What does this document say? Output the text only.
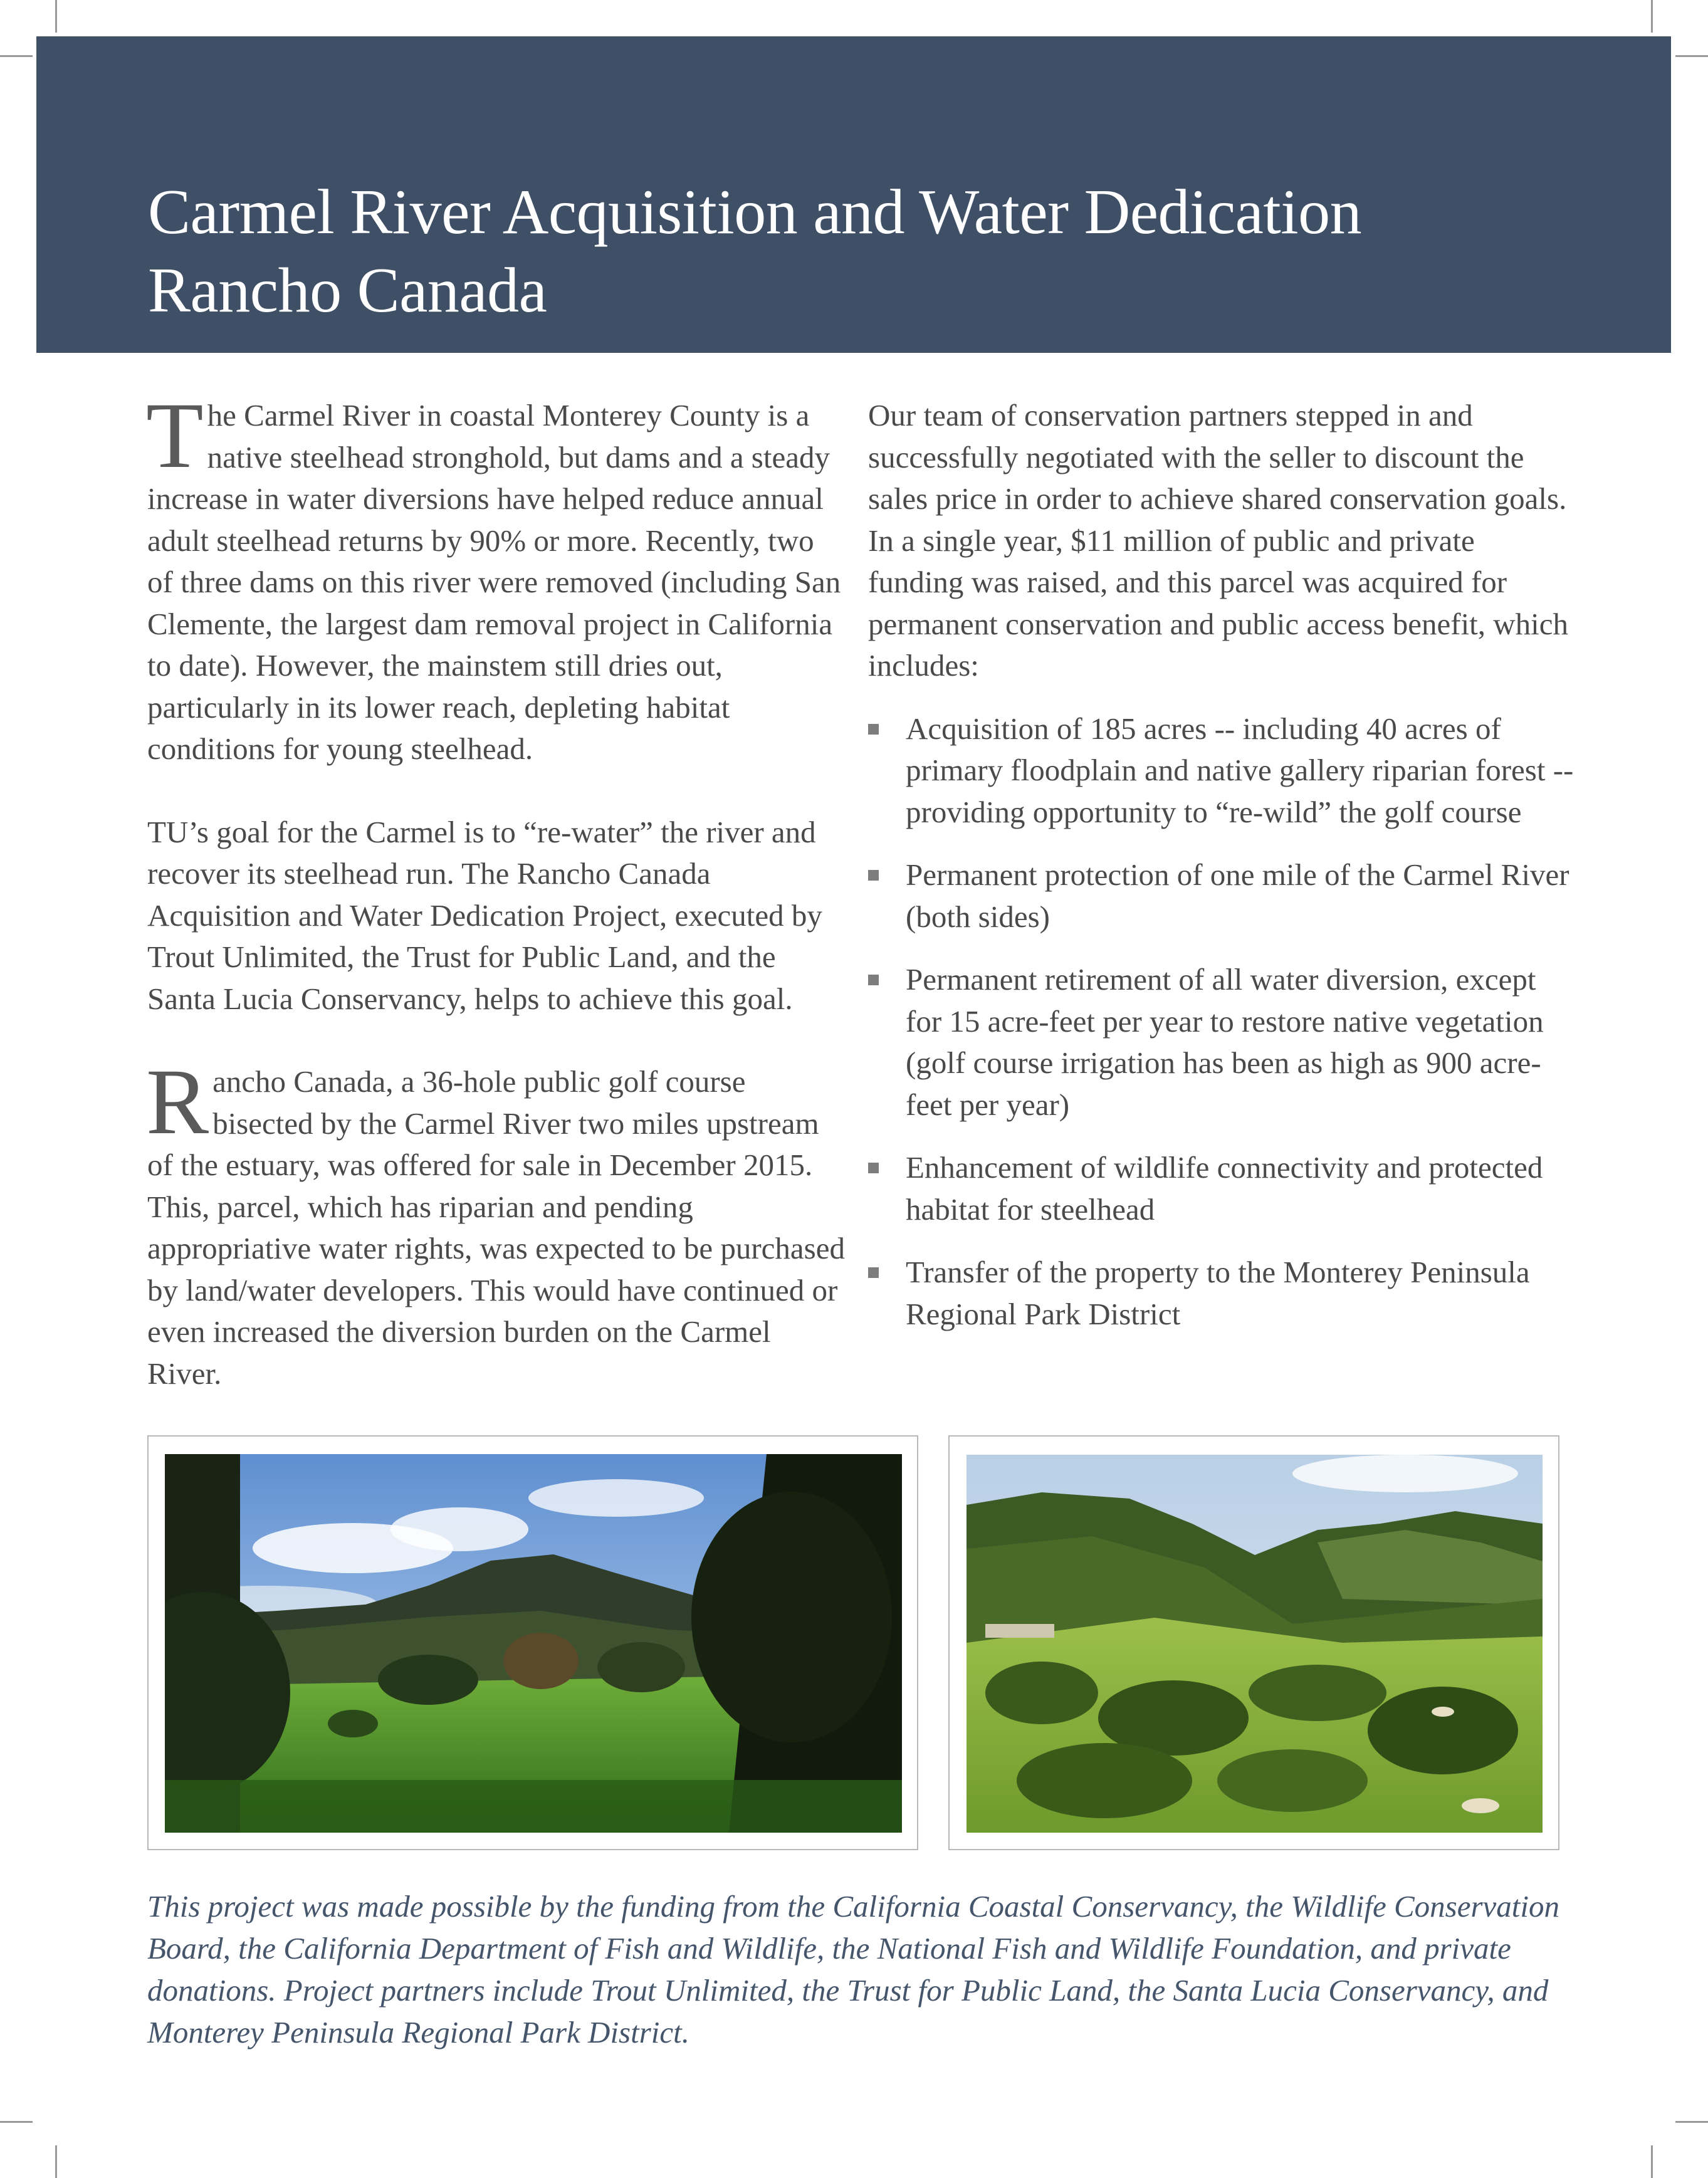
Carmel River Acquisition and Water Dedication
Rancho Canada

The Carmel River in coastal Monterey County is a native steelhead stronghold, but dams and a steady increase in water diversions have helped reduce annual adult steelhead returns by 90% or more. Recently, two of three dams on this river were removed (including San Clemente, the largest dam removal project in California to date). However, the mainstem still dries out, particularly in its lower reach, depleting habitat conditions for young steelhead.

TU’s goal for the Carmel is to “re-water” the river and recover its steelhead run. The Rancho Canada Acquisition and Water Dedication Project, executed by Trout Unlimited, the Trust for Public Land, and the Santa Lucia Conservancy, helps to achieve this goal.

Rancho Canada, a 36-hole public golf course bisected by the Carmel River two miles upstream of the estuary, was offered for sale in December 2015. This, parcel, which has riparian and pending appropriative water rights, was expected to be purchased by land/water developers. This would have continued or even increased the diversion burden on the Carmel River.

Our team of conservation partners stepped in and successfully negotiated with the seller to discount the sales price in order to achieve shared conservation goals. In a single year, $11 million of public and private funding was raised, and this parcel was acquired for permanent conservation and public access benefit, which includes:

Acquisition of 185 acres -- including 40 acres of primary floodplain and native gallery riparian forest -- providing opportunity to “re-wild” the golf course
Permanent protection of one mile of the Carmel River (both sides)
Permanent retirement of all water diversion, except for 15 acre-feet per year to restore native vegetation (golf course irrigation has been as high as 900 acre-feet per year)
Enhancement of wildlife connectivity and protected habitat for steelhead
Transfer of the property to the Monterey Peninsula Regional Park District

This project was made possible by the funding from the California Coastal Conservancy, the Wildlife Conservation Board, the California Department of Fish and Wildlife, the National Fish and Wildlife Foundation, and private donations. Project partners include Trout Unlimited, the Trust for Public Land, the Santa Lucia Conservancy, and Monterey Peninsula Regional Park District.
